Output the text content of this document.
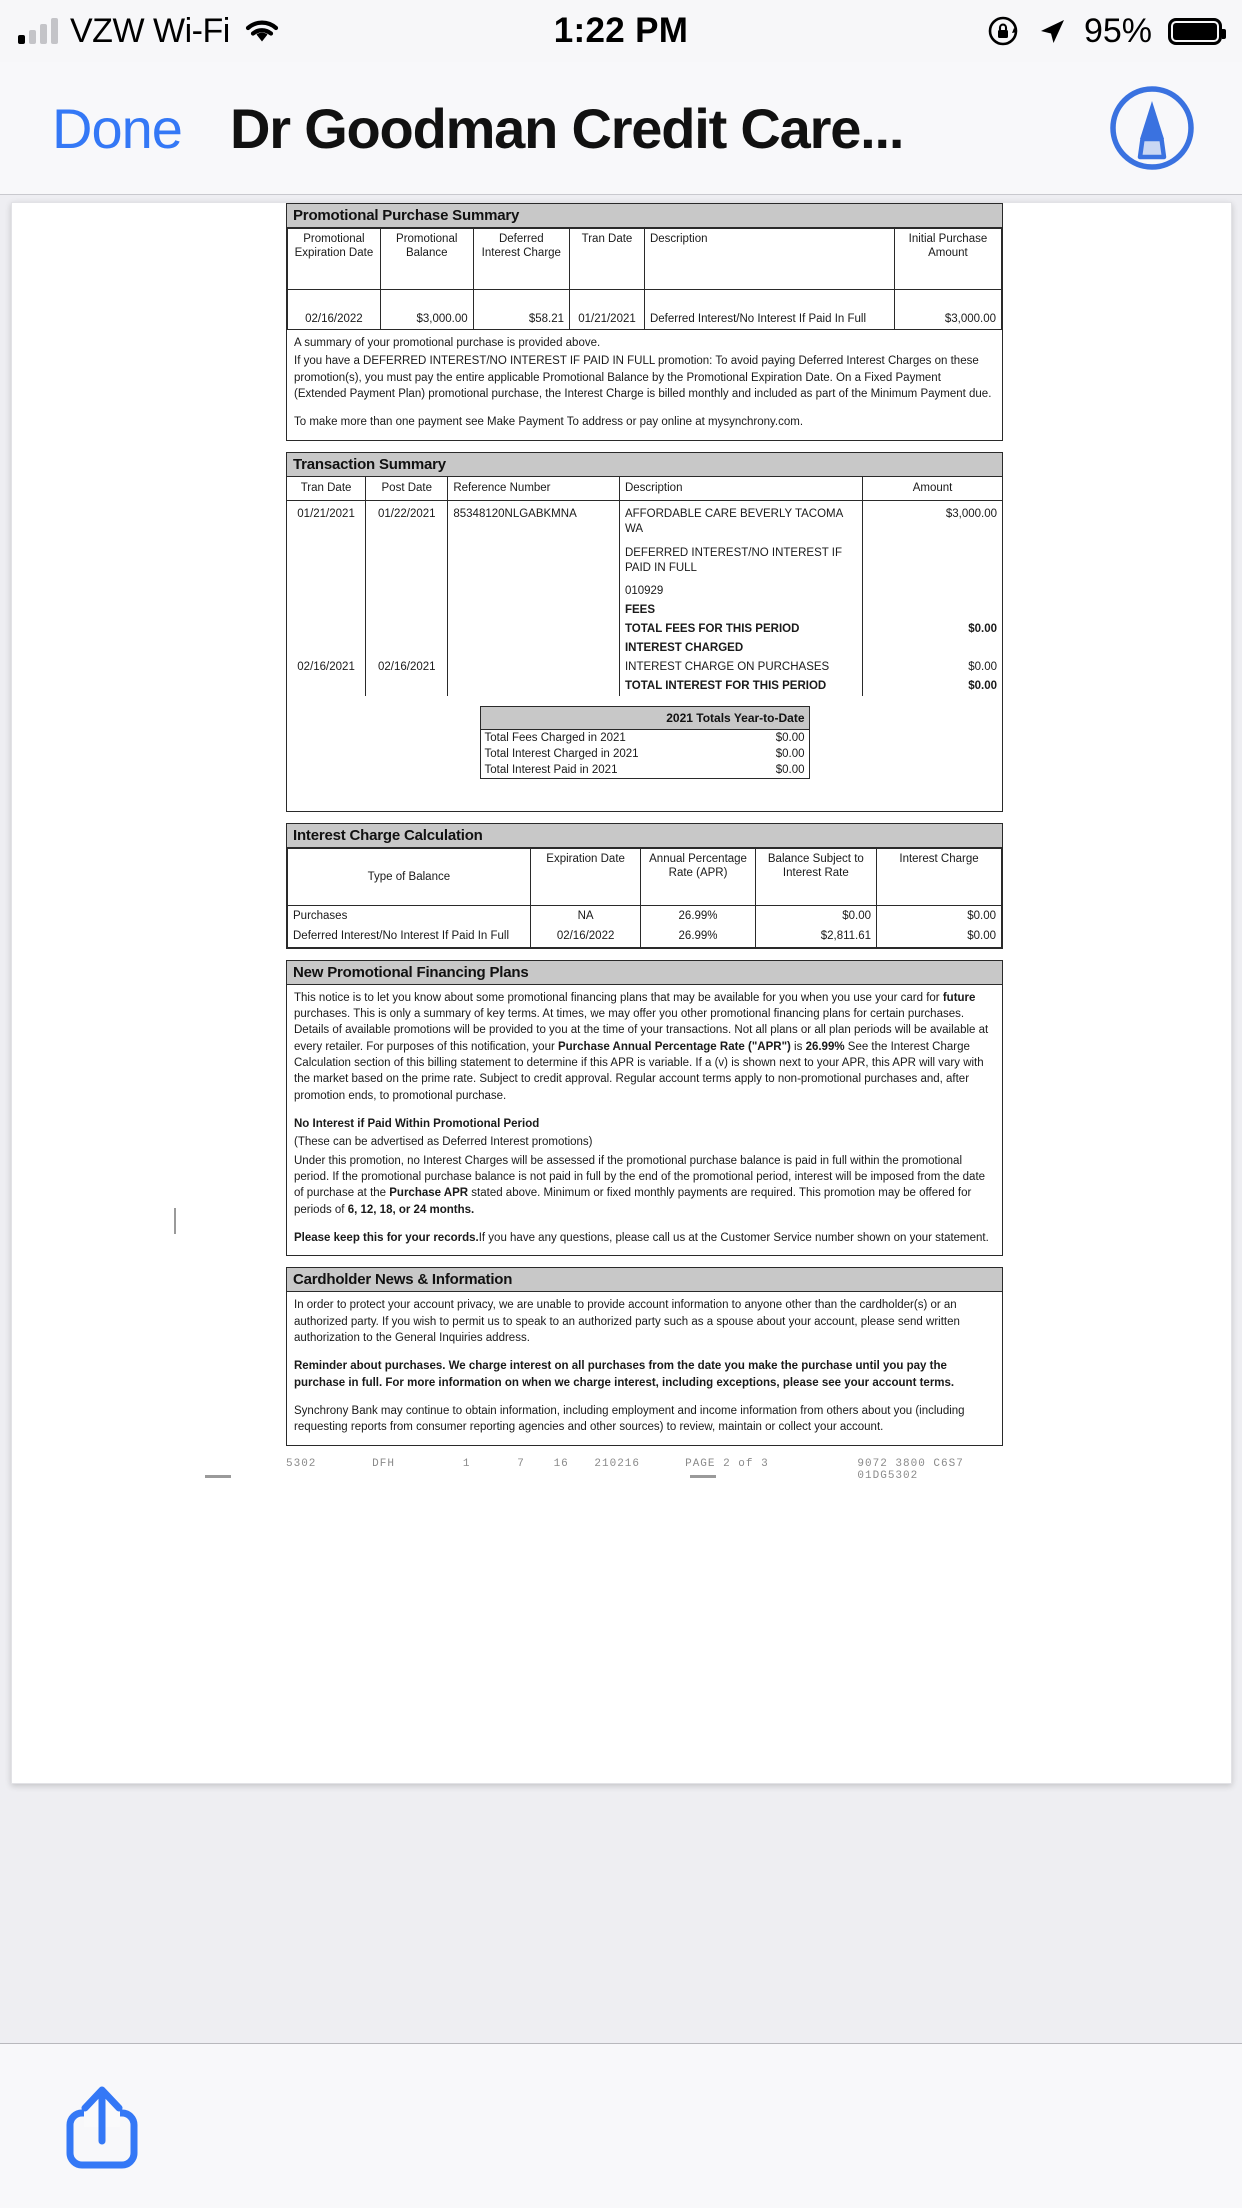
VZW Wi-Fi	1:22 PM	95%
Done Dr Goodman Credit Care...
Promotional Purchase Summary
Promotional Expiration Date	Promotional Balance	Deferred Interest Charge	Tran Date	Description	Initial Purchase Amount
02/16/2022	$3,000.00	$58.21	01/21/2021	Deferred Interest/No Interest If Paid In Full	$3,000.00

A summary of your promotional purchase is provided above.

If you have a DEFERRED INTEREST/NO INTEREST IF PAID IN FULL promotion: To avoid paying Deferred Interest Charges on these promotion(s), you must pay the entire applicable Promotional Balance by the Promotional Expiration Date. On a Fixed Payment (Extended Payment Plan) promotional purchase, the Interest Charge is billed monthly and included as part of the Minimum Payment due.

To make more than one payment see Make Payment To address or pay online at mysynchrony.com.

Transaction Summary
Tran Date	Post Date	Reference Number	Description	Amount
01/21/2021	01/22/2021	85348120NLGABKMNA	AFFORDABLE CARE BEVERLY TACOMA WA	$3,000.00
			DEFERRED INTEREST/NO INTEREST IF PAID IN FULL	
			010929	
			FEES	
			TOTAL FEES FOR THIS PERIOD	$0.00
			INTEREST CHARGED	
02/16/2021	02/16/2021		INTEREST CHARGE ON PURCHASES	$0.00
			TOTAL INTEREST FOR THIS PERIOD	$0.00
2021 Totals Year-to-Date	
Total Fees Charged in 2021	$0.00
Total Interest Charged in 2021	$0.00
Total Interest Paid in 2021	$0.00
Interest Charge Calculation
Type of Balance	Expiration Date	Annual Percentage Rate (APR)	Balance Subject to Interest Rate	Interest Charge
Purchases	NA	26.99%	$0.00	$0.00
Deferred Interest/No Interest If Paid In Full	02/16/2022	26.99%	$2,811.61	$0.00
New Promotional Financing Plans

This notice is to let you know about some promotional financing plans that may be available for you when you use your card for future purchases. This is only a summary of key terms. At times, we may offer you other promotional financing plans for certain purchases. Details of available promotions will be provided to you at the time of your transactions. Not all plans or all plan periods will be available at every retailer. For purposes of this notification, your Purchase Annual Percentage Rate ("APR") is 26.99% See the Interest Charge Calculation section of this billing statement to determine if this APR is variable. If a (v) is shown next to your APR, this APR will vary with the market based on the prime rate. Subject to credit approval. Regular account terms apply to non-promotional purchases and, after promotion ends, to promotional purchase.

No Interest if Paid Within Promotional Period

(These can be advertised as Deferred Interest promotions)

Under this promotion, no Interest Charges will be assessed if the promotional purchase balance is paid in full within the promotional period. If the promotional purchase balance is not paid in full by the end of the promotional period, interest will be imposed from the date of purchase at the Purchase APR stated above. Minimum or fixed monthly payments are required. This promotion may be offered for periods of 6, 12, 18, or 24 months.

Please keep this for your records.If you have any questions, please call us at the Customer Service number shown on your statement.

Cardholder News & Information

In order to protect your account privacy, we are unable to provide account information to anyone other than the cardholder(s) or an authorized party. If you wish to permit us to speak to an authorized party such as a spouse about your account, please send written authorization to the General Inquiries address.

Reminder about purchases. We charge interest on all purchases from the date you make the purchase until you pay the purchase in full. For more information on when we charge interest, including exceptions, please see your account terms.

Synchrony Bank may continue to obtain information, including employment and income information from others about you (including requesting reports from consumer reporting agencies and other sources) to review, maintain or collect your account.

5302	DFH	1	7	16	210216	PAGE 2 of 3	9072 3800 C6S7 01DG5302
